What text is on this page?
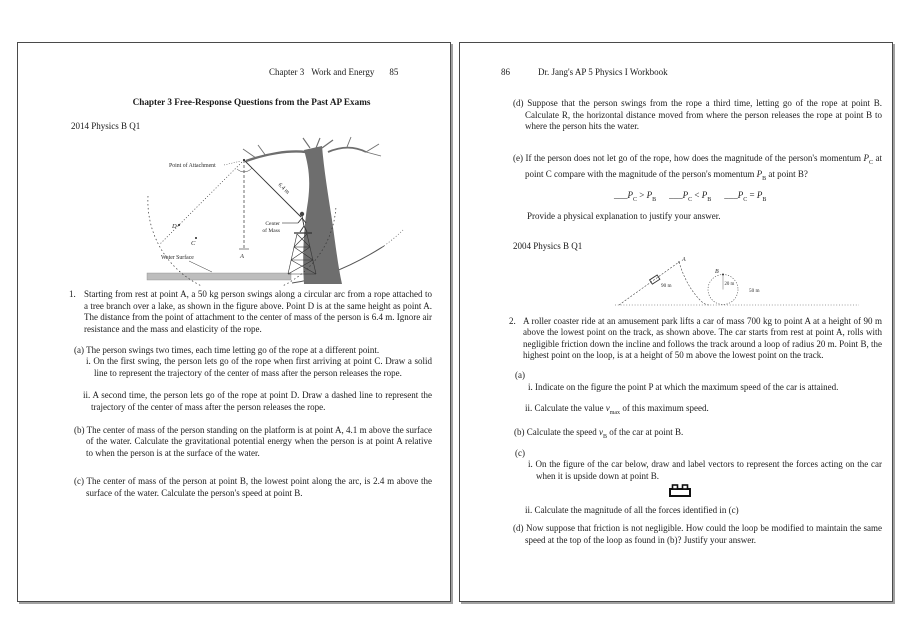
Chapter 3 Work and Energy 85

Chapter 3 Free-Response Questions from the Past AP Exams

2014 Physics B Q1

D
C
A
Point of Attachment
6.4 m
Center
of Mass
Water Surface
1. Starting from rest at point A, a 50 kg person swings along a circular arc from a rope attached to a tree branch over a lake, as shown in the figure above. Point D is at the same height as point A. The distance from the point of attachment to the center of mass of the person is 6.4 m. Ignore air resistance and the mass and elasticity of the rope.

(a) The person swings two times, each time letting go of the rope at a different point.

i. On the first swing, the person lets go of the rope when first arriving at point C. Draw a solid line to represent the trajectory of the center of mass after the person releases the rope.

ii. A second time, the person lets go of the rope at point D. Draw a dashed line to represent the trajectory of the center of mass after the person releases the rope.

(b) The center of mass of the person standing on the platform is at point A, 4.1 m above the surface of the water. Calculate the gravitational potential energy when the person is at point A relative to when the person is at the surface of the water.

(c) The center of mass of the person at point B, the lowest point along the arc, is 2.4 m above the surface of the water. Calculate the person's speed at point B.

86	Dr. Jang's AP 5 Physics I Workbook

(d) Suppose that the person swings from the rope a third time, letting go of the rope at point B. Calculate R, the horizontal distance moved from where the person releases the rope at point B to where the person hits the water.

(e) If the person does not let go of the rope, how does the magnitude of the person's momentum $P_C$ at point C compare with the magnitude of the person's momentum $P_B$ at point B?

$\_\_\_P_C > P_B$ $\_\_\_P_C < P_B$ $\_\_\_P_C = P_B$

Provide a physical explanation to justify your answer.

2004 Physics B Q1

A
90 m
B
20 m
50 m
2. A roller coaster ride at an amusement park lifts a car of mass 700 kg to point A at a height of 90 m above the lowest point on the track, as shown above. The car starts from rest at point A, rolls with negligible friction down the incline and follows the track around a loop of radius 20 m. Point B, the highest point on the loop, is at a height of 50 m above the lowest point on the track.

(a)

i. Indicate on the figure the point P at which the maximum speed of the car is attained.

ii. Calculate the value $v_{max}$ of this maximum speed.

(b) Calculate the speed $v_B$ of the car at point B.

(c)

i. On the figure of the car below, draw and label vectors to represent the forces acting on the car when it is upside down at point B.

ii. Calculate the magnitude of all the forces identified in (c)

(d) Now suppose that friction is not negligible. How could the loop be modified to maintain the same speed at the top of the loop as found in (b)? Justify your answer.
